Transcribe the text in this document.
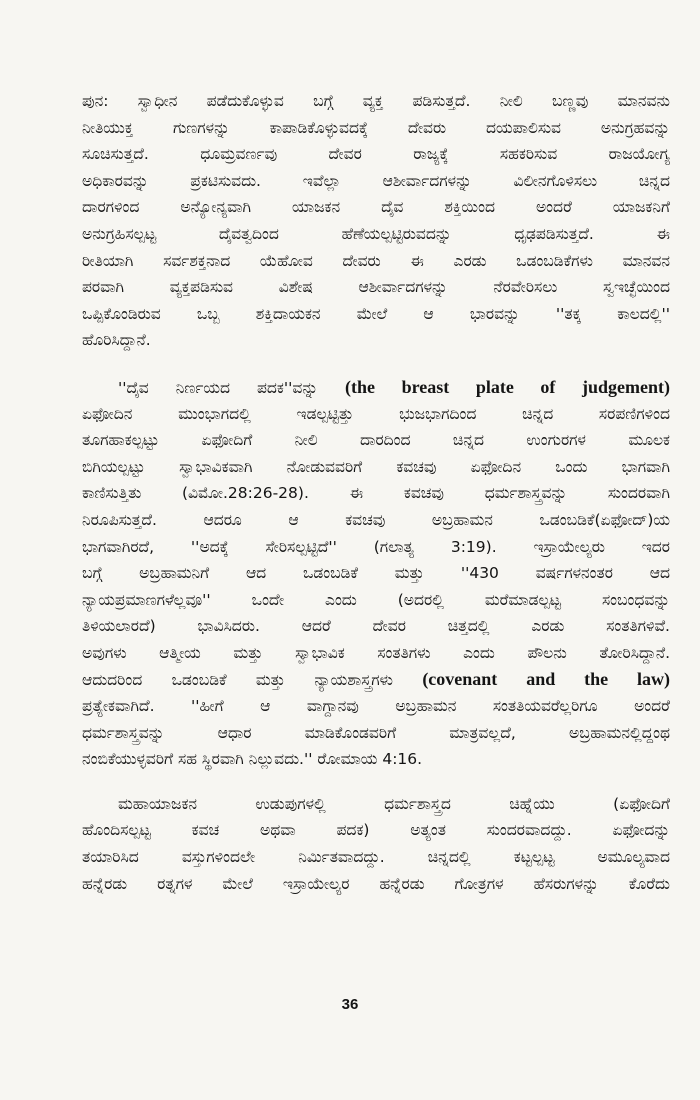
ಪುನ: ಸ್ವಾಧೀನ ಪಡೆದುಕೊಳ್ಳುವ ಬಗ್ಗೆ ವ್ಯಕ್ತ ಪಡಿಸುತ್ತದೆ. ನೀಲಿ ಬಣ್ಣವು ಮಾನವನು
ನೀತಿಯುಕ್ತ ಗುಣಗಳನ್ನು ಕಾಪಾಡಿಕೊಳ್ಳುವದಕ್ಕೆ ದೇವರು ದಯಪಾಲಿಸುವ ಅನುಗ್ರಹವನ್ನು
ಸೂಚಿಸುತ್ತದೆ. ಧೂಮ್ರವರ್ಣವು ದೇವರ ರಾಜ್ಯಕ್ಕೆ ಸಹಕರಿಸುವ ರಾಜಯೋಗ್ಯ
ಅಧಿಕಾರವನ್ನು ಪ್ರಕಟಿಸುವದು. ಇವೆಲ್ಲಾ ಆಶೀರ್ವಾದಗಳನ್ನು ವಿಲೀನಗೊಳಿಸಲು ಚಿನ್ನದ
ದಾರಗಳಿಂದ ಅನ್ಯೋನ್ಯವಾಗಿ ಯಾಜಕನ ದೈವ ಶಕ್ತಿಯಿಂದ ಅಂದರೆ ಯಾಜಕನಿಗೆ
ಅನುಗ್ರಹಿಸಲ್ಪಟ್ಟ ದೈವತ್ವದಿಂದ ಹೆಣೆಯಲ್ಪಟ್ಟಿರುವದನ್ನು ಧೃಢಪಡಿಸುತ್ತದೆ. ಈ
ರೀತಿಯಾಗಿ ಸರ್ವಶಕ್ತನಾದ ಯೆಹೋವ ದೇವರು ಈ ಎರಡು ಒಡಂಬಡಿಕೆಗಳು ಮಾನವನ
ಪರವಾಗಿ ವ್ಯಕ್ತಪಡಿಸುವ ವಿಶೇಷ ಆಶೀರ್ವಾದಗಳನ್ನು ನೆರವೇರಿಸಲು ಸ್ವಇಚ್ಛೆಯಿಂದ
ಒಪ್ಪಿಕೊಂಡಿರುವ ಒಬ್ಬ ಶಕ್ತಿದಾಯಕನ ಮೇಲೆ ಆ ಭಾರವನ್ನು ''ತಕ್ಕ ಕಾಲದಲ್ಲಿ''
ಹೊರಿಸಿದ್ದಾನೆ.
''ದೈವ ನಿರ್ಣಯದ ಪದಕ''ವನ್ನು (the breast plate of judgement)
ಏಫೋದಿನ ಮುಂಭಾಗದಲ್ಲಿ ಇಡಲ್ಪಟ್ಟಿತ್ತು ಭುಜಭಾಗದಿಂದ ಚಿನ್ನದ ಸರಪಣಿಗಳಿಂದ
ತೂಗಹಾಕಲ್ಪಟ್ಟು ಏಫೋದಿಗೆ ನೀಲಿ ದಾರದಿಂದ ಚಿನ್ನದ ಉಂಗುರಗಳ ಮೂಲಕ
ಬಿಗಿಯಲ್ಪಟ್ಟು ಸ್ವಾಭಾವಿಕವಾಗಿ ನೋಡುವವರಿಗೆ ಕವಚವು ಏಫೋದಿನ ಒಂದು ಭಾಗವಾಗಿ
ಕಾಣಿಸುತ್ತಿತು (ವಿಮೋ.28:26-28). ಈ ಕವಚವು ಧರ್ಮಶಾಸ್ತ್ರವನ್ನು ಸುಂದರವಾಗಿ
ನಿರೂಪಿಸುತ್ತದೆ. ಆದರೂ ಆ ಕವಚವು ಅಬ್ರಹಾಮನ ಒಡಂಬಡಿಕೆ(ಏಫೋದ್)ಯ
ಭಾಗವಾಗಿರದೆ, ''ಅದಕ್ಕೆ ಸೇರಿಸಲ್ಪಟ್ಟಿದೆ'' (ಗಲಾತ್ಯ 3:19). ಇಸ್ರಾಯೇಲ್ಯರು ಇದರ
ಬಗ್ಗೆ ಅಬ್ರಹಾಮನಿಗೆ ಆದ ಒಡಂಬಡಿಕೆ ಮತ್ತು ''430 ವರ್ಷಗಳನಂತರ ಆದ
ನ್ಯಾಯಪ್ರಮಾಣಗಳೆಲ್ಲವೂ'' ಒಂದೇ ಎಂದು (ಅದರಲ್ಲಿ ಮರೆಮಾಡಲ್ಪಟ್ಟ ಸಂಬಂಧವನ್ನು
ತಿಳಿಯಲಾರದೆ) ಭಾವಿಸಿದರು. ಆದರೆ ದೇವರ ಚಿತ್ತದಲ್ಲಿ ಎರಡು ಸಂತತಿಗಳಿವೆ.
ಅವುಗಳು ಆತ್ಮೀಯ ಮತ್ತು ಸ್ವಾಭಾವಿಕ ಸಂತತಿಗಳು ಎಂದು ಪೌಲನು ತೋರಿಸಿದ್ದಾನೆ.
ಆದುದರಿಂದ ಒಡಂಬಡಿಕೆ ಮತ್ತು ನ್ಯಾಯಶಾಸ್ತ್ರಗಳು (covenant and the law)
ಪ್ರತ್ಯೇಕವಾಗಿದೆ. ''ಹೀಗೆ ಆ ವಾಗ್ದಾನವು ಅಬ್ರಹಾಮನ ಸಂತತಿಯವರೆಲ್ಲರಿಗೂ ಅಂದರೆ
ಧರ್ಮಶಾಸ್ತ್ರವನ್ನು ಆಧಾರ ಮಾಡಿಕೊಂಡವರಿಗೆ ಮಾತ್ರವಲ್ಲದೆ, ಅಬ್ರಹಾಮನಲ್ಲಿದ್ದಂಥ
ನಂಬಿಕೆಯುಳ್ಳವರಿಗೆ ಸಹ ಸ್ಥಿರವಾಗಿ ನಿಲ್ಲುವದು.'' ರೋಮಾಯ 4:16.
ಮಹಾಯಾಜಕನ ಉಡುಪುಗಳಲ್ಲಿ ಧರ್ಮಶಾಸ್ತ್ರದ ಚಿಹ್ನೆಯು (ಏಫೋದಿಗೆ
ಹೊಂದಿಸಲ್ಪಟ್ಟ ಕವಚ ಅಥವಾ ಪದಕ) ಅತ್ಯಂತ ಸುಂದರವಾದದ್ದು. ಏಫೋದನ್ನು
ತಯಾರಿಸಿದ ವಸ್ತುಗಳಿಂದಲೇ ನಿರ್ಮಿತವಾದದ್ದು. ಚಿನ್ನದಲ್ಲಿ ಕಟ್ಟಲ್ಪಟ್ಟ ಅಮೂಲ್ಯವಾದ
ಹನ್ನೆರಡು ರತ್ನಗಳ ಮೇಲೆ ಇಸ್ರಾಯೇಲ್ಯರ ಹನ್ನೆರಡು ಗೋತ್ರಗಳ ಹೆಸರುಗಳನ್ನು ಕೊರೆದು
36
